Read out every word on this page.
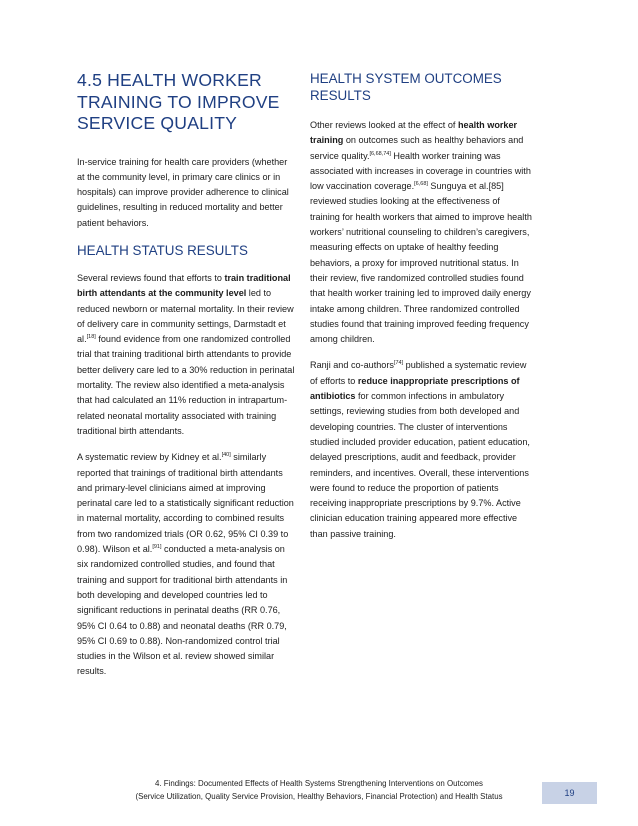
4.5 HEALTH WORKER TRAINING TO IMPROVE SERVICE QUALITY

In-service training for health care providers (whether at the community level, in primary care clinics or in hospitals) can improve provider adherence to clinical guidelines, resulting in reduced mortality and better patient behaviors.

HEALTH STATUS RESULTS

Several reviews found that efforts to train traditional birth attendants at the community level led to reduced newborn or maternal mortality. In their review of delivery care in community settings, Darmstadt et al.[18] found evidence from one randomized controlled trial that training traditional birth attendants to provide better delivery care led to a 30% reduction in perinatal mortality. The review also identified a meta-analysis that had calculated an 11% reduction in intrapartum-related neonatal mortality associated with training traditional birth attendants.

A systematic review by Kidney et al.[40] similarly reported that trainings of traditional birth attendants and primary-level clinicians aimed at improving perinatal care led to a statistically significant reduction in maternal mortality, according to combined results from two randomized trials (OR 0.62, 95% CI 0.39 to 0.98). Wilson et al.[91] conducted a meta-analysis on six randomized controlled studies, and found that training and support for traditional birth attendants in both developing and developed countries led to significant reductions in perinatal deaths (RR 0.76, 95% CI 0.64 to 0.88) and neonatal deaths (RR 0.79, 95% CI 0.69 to 0.88). Non-randomized control trial studies in the Wilson et al. review showed similar results.

HEALTH SYSTEM OUTCOMES RESULTS

Other reviews looked at the effect of health worker training on outcomes such as healthy behaviors and service quality.[6,68,74] Health worker training was associated with increases in coverage in countries with low vaccination coverage.[6,68] Sunguya et al.[85] reviewed studies looking at the effectiveness of training for health workers that aimed to improve health workers’ nutritional counseling to children’s caregivers, measuring effects on uptake of healthy feeding behaviors, a proxy for improved nutritional status. In their review, five randomized controlled studies found that health worker training led to improved daily energy intake among children. Three randomized controlled studies found that training improved feeding frequency among children.

Ranji and co-authors[74] published a systematic review of efforts to reduce inappropriate prescriptions of antibiotics for common infections in ambulatory settings, reviewing studies from both developed and developing countries. The cluster of interventions studied included provider education, patient education, delayed prescriptions, audit and feedback, provider reminders, and incentives. Overall, these interventions were found to reduce the proportion of patients receiving inappropriate prescriptions by 9.7%. Active clinician education training appeared more effective than passive training.

4. Findings: Documented Effects of Health Systems Strengthening Interventions on Outcomes
(Service Utilization, Quality Service Provision, Healthy Behaviors, Financial Protection) and Health Status	19
